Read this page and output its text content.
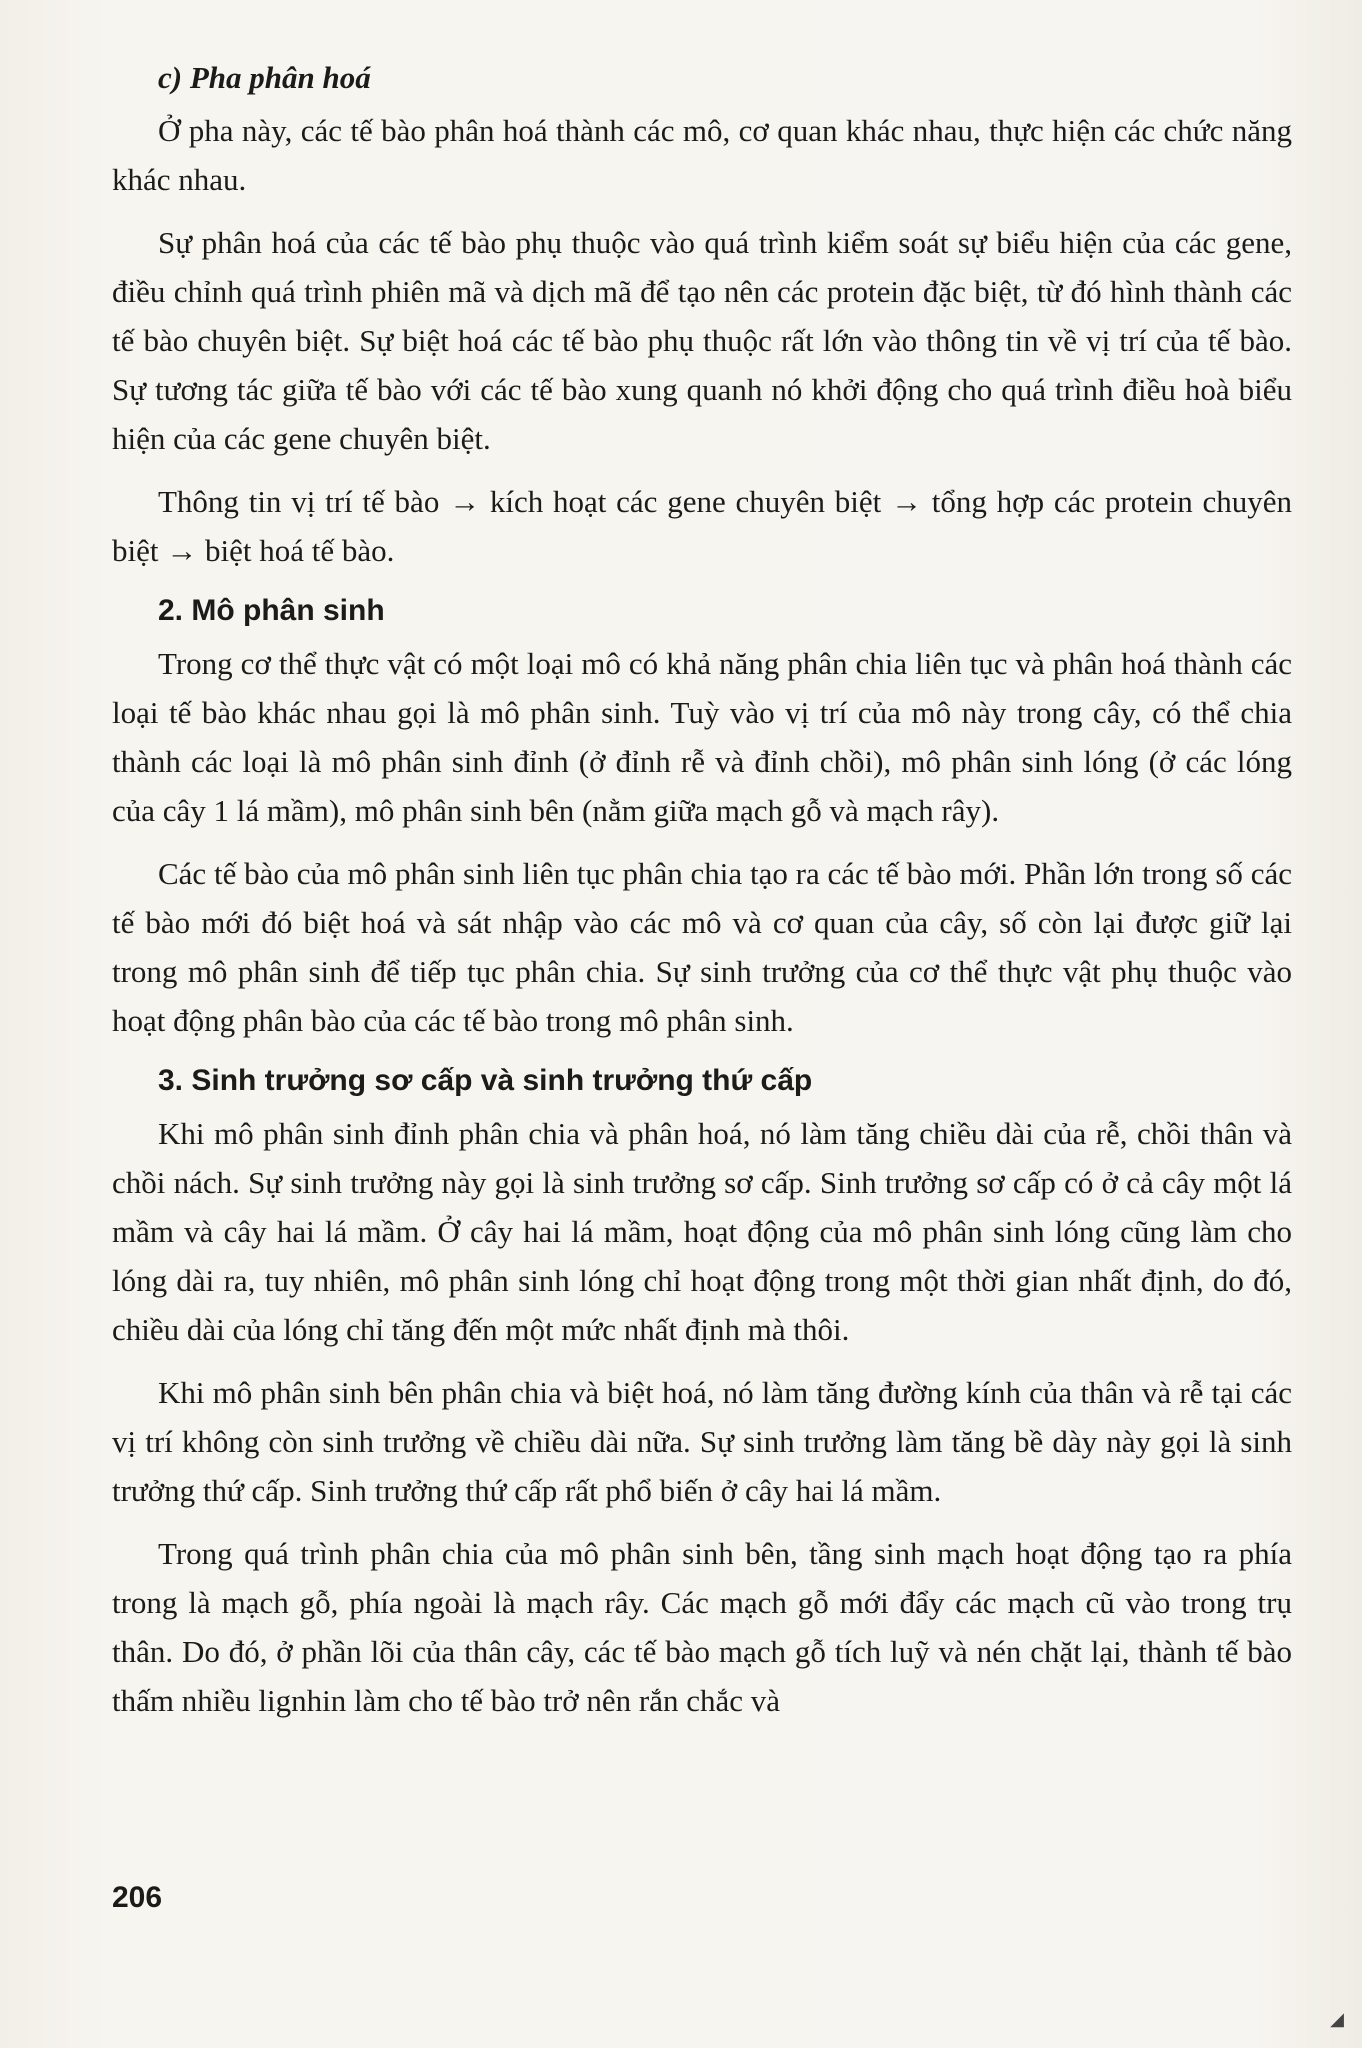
c) Pha phân hoá

Ở pha này, các tế bào phân hoá thành các mô, cơ quan khác nhau, thực hiện các chức năng khác nhau.

Sự phân hoá của các tế bào phụ thuộc vào quá trình kiểm soát sự biểu hiện của các gene, điều chỉnh quá trình phiên mã và dịch mã để tạo nên các protein đặc biệt, từ đó hình thành các tế bào chuyên biệt. Sự biệt hoá các tế bào phụ thuộc rất lớn vào thông tin về vị trí của tế bào. Sự tương tác giữa tế bào với các tế bào xung quanh nó khởi động cho quá trình điều hoà biểu hiện của các gene chuyên biệt.

Thông tin vị trí tế bào → kích hoạt các gene chuyên biệt → tổng hợp các protein chuyên biệt → biệt hoá tế bào.

2. Mô phân sinh

Trong cơ thể thực vật có một loại mô có khả năng phân chia liên tục và phân hoá thành các loại tế bào khác nhau gọi là mô phân sinh. Tuỳ vào vị trí của mô này trong cây, có thể chia thành các loại là mô phân sinh đỉnh (ở đỉnh rễ và đỉnh chồi), mô phân sinh lóng (ở các lóng của cây 1 lá mầm), mô phân sinh bên (nằm giữa mạch gỗ và mạch rây).

Các tế bào của mô phân sinh liên tục phân chia tạo ra các tế bào mới. Phần lớn trong số các tế bào mới đó biệt hoá và sát nhập vào các mô và cơ quan của cây, số còn lại được giữ lại trong mô phân sinh để tiếp tục phân chia. Sự sinh trưởng của cơ thể thực vật phụ thuộc vào hoạt động phân bào của các tế bào trong mô phân sinh.

3. Sinh trưởng sơ cấp và sinh trưởng thứ cấp

Khi mô phân sinh đỉnh phân chia và phân hoá, nó làm tăng chiều dài của rễ, chồi thân và chồi nách. Sự sinh trưởng này gọi là sinh trưởng sơ cấp. Sinh trưởng sơ cấp có ở cả cây một lá mầm và cây hai lá mầm. Ở cây hai lá mầm, hoạt động của mô phân sinh lóng cũng làm cho lóng dài ra, tuy nhiên, mô phân sinh lóng chỉ hoạt động trong một thời gian nhất định, do đó, chiều dài của lóng chỉ tăng đến một mức nhất định mà thôi.

Khi mô phân sinh bên phân chia và biệt hoá, nó làm tăng đường kính của thân và rễ tại các vị trí không còn sinh trưởng về chiều dài nữa. Sự sinh trưởng làm tăng bề dày này gọi là sinh trưởng thứ cấp. Sinh trưởng thứ cấp rất phổ biến ở cây hai lá mầm.

Trong quá trình phân chia của mô phân sinh bên, tầng sinh mạch hoạt động tạo ra phía trong là mạch gỗ, phía ngoài là mạch rây. Các mạch gỗ mới đẩy các mạch cũ vào trong trụ thân. Do đó, ở phần lõi của thân cây, các tế bào mạch gỗ tích luỹ và nén chặt lại, thành tế bào thấm nhiều lignhin làm cho tế bào trở nên rắn chắc và

206
◢
